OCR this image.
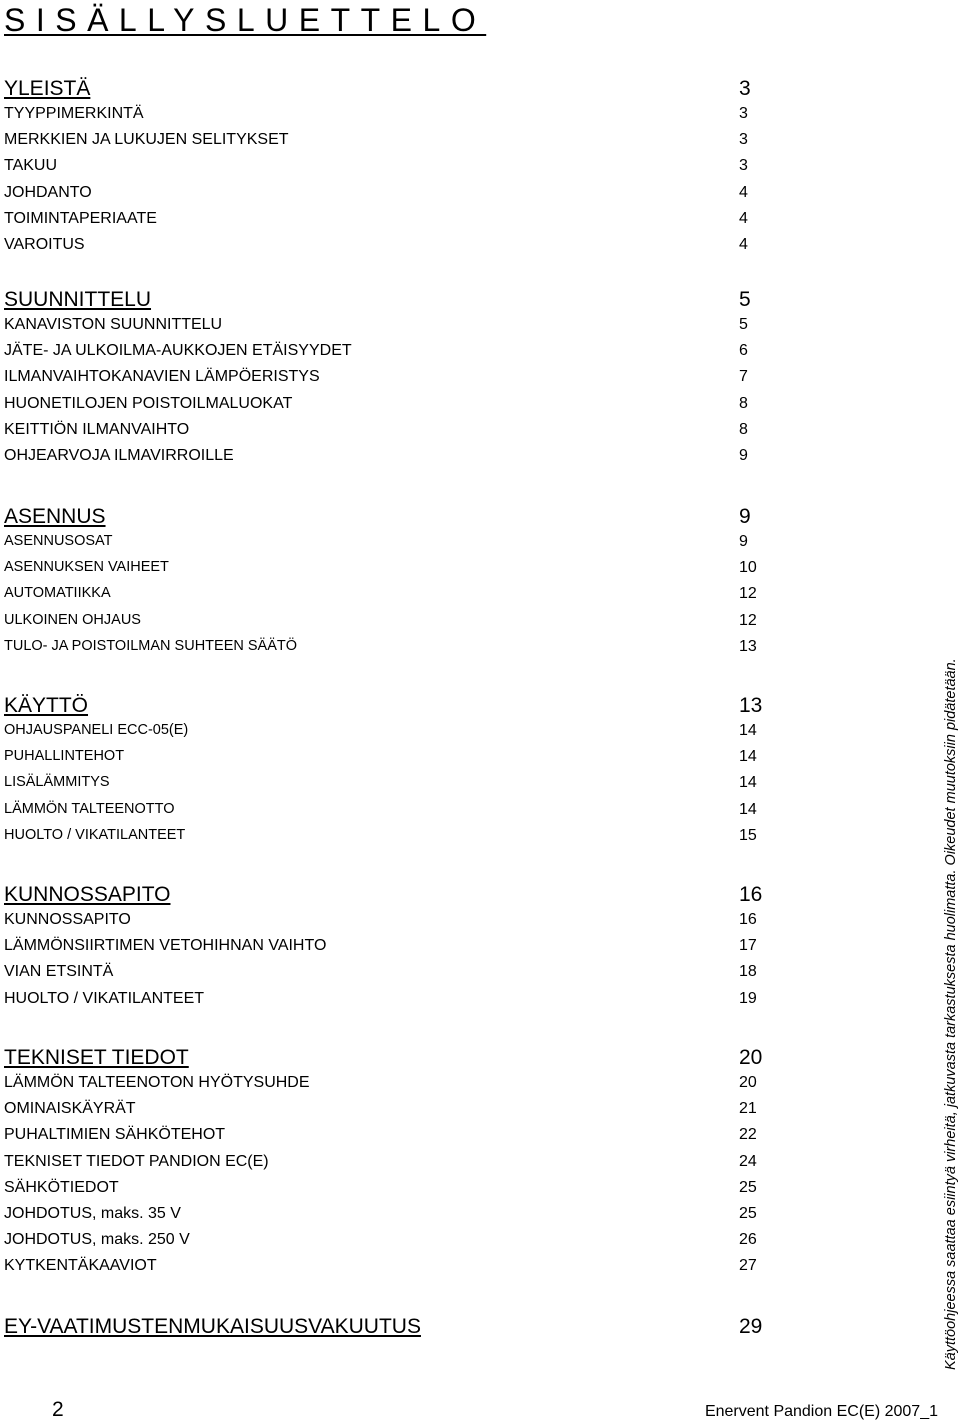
SISÄLLYSLUETTELO
YLEISTÄ	3
TYYPPIMERKINTÄ	3
MERKKIEN JA LUKUJEN SELITYKSET	3
TAKUU	3
JOHDANTO	4
TOIMINTAPERIAATE	4
VAROITUS	4
SUUNNITTELU	5
KANAVISTON SUUNNITTELU	5
JÄTE- JA ULKOILMA-AUKKOJEN ETÄISYYDET	6
ILMANVAIHTOKANAVIEN LÄMPÖERISTYS	7
HUONETILOJEN POISTOILMALUOKAT	8
KEITTIÖN ILMANVAIHTO	8
OHJEARVOJA ILMAVIRROILLE	9
ASENNUS	9
ASENNUSOSAT	9
ASENNUKSEN VAIHEET	10
AUTOMATIIKKA	12
ULKOINEN OHJAUS	12
TULO- JA POISTOILMAN SUHTEEN SÄÄTÖ	13
KÄYTTÖ	13
OHJAUSPANELI ECC-05(E)	14
PUHALLINTEHOT	14
LISÄLÄMMITYS	14
LÄMMÖN TALTEENOTTO	14
HUOLTO / VIKATILANTEET	15
KUNNOSSAPITO	16
KUNNOSSAPITO	16
LÄMMÖNSIIRTIMEN VETOHIHNAN VAIHTO	17
VIAN ETSINTÄ	18
HUOLTO / VIKATILANTEET	19
TEKNISET TIEDOT	20
LÄMMÖN TALTEENOTON HYÖTYSUHDE	20
OMINAISKÄYRÄT	21
PUHALTIMIEN SÄHKÖTEHOT	22
TEKNISET TIEDOT PANDION EC(E)	24
SÄHKÖTIEDOT	25
JOHDOTUS, maks. 35 V	25
JOHDOTUS, maks. 250 V	26
KYTKENTÄKAAVIOT	27
EY-VAATIMUSTENMUKAISUUSVAKUUTUS	29	Käyttöohjeessa saattaa esiintyä virheitä, jatkuvasta tarkastuksesta huolimatta. Oikeudet muutoksiin pidätetään.
2	Enervent Pandion EC(E) 2007_1
